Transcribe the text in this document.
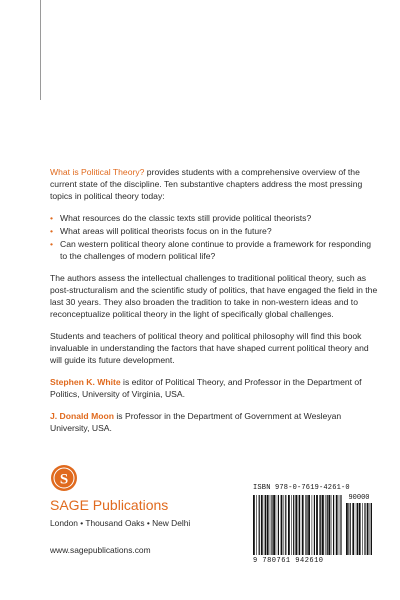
What is Political Theory? provides students with a comprehensive overview of the current state of the discipline. Ten substantive chapters address the most pressing topics in political theory today:

• What resources do the classic texts still provide political theorists?
• What areas will political theorists focus on in the future?
• Can western political theory alone continue to provide a framework for responding to the challenges of modern political life?

The authors assess the intellectual challenges to traditional political theory, such as post-structuralism and the scientific study of politics, that have engaged the field in the last 30 years. They also broaden the tradition to take in non-western ideas and to reconceptualize political theory in the light of specifically global challenges.

Students and teachers of political theory and political philosophy will find this book invaluable in understanding the factors that have shaped current political theory and will guide its future development.

Stephen K. White is editor of Political Theory, and Professor in the Department of Politics, University of Virginia, USA.

J. Donald Moon is Professor in the Department of Government at Wesleyan University, USA.

S
SAGE Publications
London • Thousand Oaks • New Delhi
www.sagepublications.com
ISBN 978-0-7619-4261-0
90000
9 780761 942610
